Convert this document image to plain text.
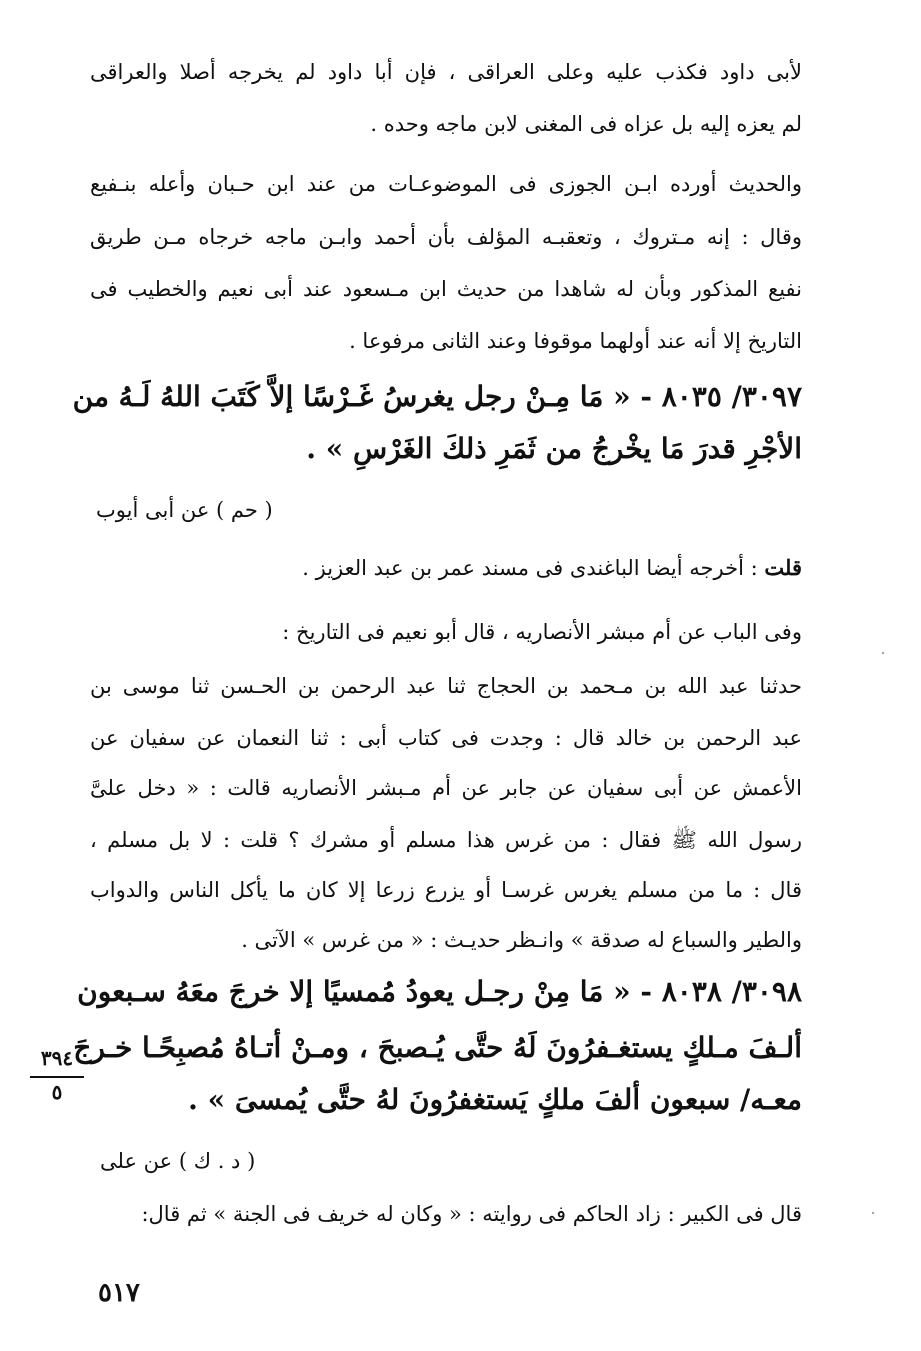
لأبى داود فكذب عليه وعلى العراقى ، فإن أبا داود لم يخرجه أصلا والعراقى
لم يعزه إليه بل عزاه فى المغنى لابن ماجه وحده .
والحديث أورده ابـن الجوزى فى الموضوعـات من عند ابن حـبان وأعله بنـفيع
وقال : إنه مـتروك ، وتعقبـه المؤلف بأن أحمد وابـن ماجه خرجاه مـن طريق
نفيع المذكور وبأن له شاهدا من حديث ابن مـسعود عند أبى نعيم والخطيب فى
التاريخ إلا أنه عند أولهما موقوفا وعند الثانى مرفوعا .
٣٠٩٧/ ٨٠٣٥ - « مَا مِـنْ رجل يغرسُ غَـرْسًا إلاَّ كَتَبَ اللهُ لَـهُ من
الأجْرِ قدرَ مَا يخْرجُ من ثَمَرِ ذلكَ الغَرْسِ » .
( حم ) عن أبى أيوب
قلت : أخرجه أيضا الباغندى فى مسند عمر بن عبد العزيز .
وفى الباب عن أم مبشر الأنصاريه ، قال أبو نعيم فى التاريخ :
حدثنا عبد الله بن مـحمد بن الحجاج ثنا عبد الرحمن بن الحـسن ثنا موسى بن
عبد الرحمن بن خالد قال : وجدت فى كتاب أبى : ثنا النعمان عن سفيان عن
الأعمش عن أبى سفيان عن جابر عن أم مـبشر الأنصاريه قالت : « دخل علىَّ
رسول الله ﷺ فقال : من غرس هذا مسلم أو مشرك ؟ قلت : لا بل مسلم ،
قال : ما من مسلم يغرس غرسـا أو يزرع زرعا إلا كان ما يأكل الناس والدواب
والطير والسباع له صدقة » وانـظر حديـث : « من غرس » الآتى .
٣٠٩٨/ ٨٠٣٨ - « مَا مِنْ رجـل يعودُ مُمسيًا إلا خرجَ معَهُ سـبعون
ألـفَ مـلكٍ يستغـفرُونَ لَهُ حتَّى يُـصبحَ ، ومـنْ أتـاهُ مُصبِحًـا خـرجَ
معـه/ سبعون ألفَ ملكٍ يَستغفرُونَ لهُ حتَّى يُمسىَ » .
٣٩٤
٥
( د . ك ) عن على
قال فى الكبير : زاد الحاكم فى روايته : « وكان له خريف فى الجنة » ثم قال:
٥١٧
